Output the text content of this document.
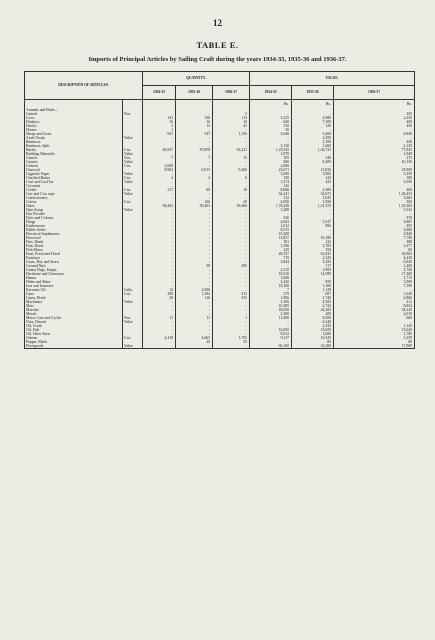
12
TABLE E.
Imports of Principal Articles by Sailing Craft during the years 1934-35, 1935-36 and 1936-37.
DESCRIPTION OF ARTICLES.		QUANTITY.			VALUE.		
		1934-35	1935-36	1936-37	1934-35	1935-36	1936-37
					Rs.	Rs.	Rs.
Animals and Birds—							
Camels	Nos.	..	..	5	..	..	250
Cows		133	156	113	3,325	4,980	2,450
Donkeys		16	16	16	640	7,100	400
Hawks		3	12	45	150	120	450
Horses		1	..	..	50	..	..
Sheep and Goats		941	547	1,156	5,646	3,269	6,936
Arab Cloaks	Value	..	..	..	..	2,050	..
Bamboos		..	..	..	..	2,100	250
Bamboos, Split		..	..	..	3,138	1,660	2,129
Barley	Cwt.	82,937	87,858	63,321	1,23,945	1,36,735	77,835
Building Materials	Value	..	..	..	1,878	..	1,949
Camels	Nos.	7	7	15	105	140	275
Carpets	Value	..	..	..	600	8,200	10,130
Cement	Cwt.	2,008	..	..	2,006	..	..
Charcoal		8,904	6,915	9,460	23,671	13,830	18,909
Cigarette Paper	Value	..	..	..	3,000	3,900	5,250
Clarified Butter	Cwt.	4	4	6	150	144	180
Coal and Coal Tar	Value	..	..	..	1,274	250	5,030
Coconuts		..	..	..	145	..	..
Coffee	Cwt.	217	60	10	8,666	2,300	400
Coir and Coir rope	Value	..	..	..	54,231	33,675	1,29,433
Confectionery		..	..	..	132	1,045	3,065
Cotton	Cwt.	..	126	20	4,050	1,950	300
Dates		96,302	90,463	59,466	1,76,436	1,31,370	1,18,304
Date Syrup	Value	..	..	..	3,288	..	5,532
Dye Powder		..	..	..	..	..	..
Dyes and Colours		..	..	..	540	..	370
Drugs		..	..	..	4,603	5,547	3,865
Earthenware		..	..	..	1,012	906	455
Edible Seeds		..	..	..	8,915	..	3,680
Electrical Implements		..	..	..	10,200	..	2,840
Firewood		..	..	..	13,827	10,180	7,790
Fins, Shark		..	..	..	181	122	380
Fish, Dried		..	..	..	1,506	2,709	3,477
Fish Maws		..	..	..	225	358	60
Fruit, Fresh and Dried		..	..	..	49,337	61,635	36,902
Furniture		..	..	..	715	2,325	4,430
Grass, Hay and Straw		..	..	..	3,844	3,295	6,820
Ground Nuts		..	38	280	..	117	1,400
Gunny Bags, Empty		..	..	..	2,310	3,900	3,740
Hardware and Glassware		..	..	..	19,610	14,089	17,400
Henna		..	..	..	1,606	..	1,715
Hides and Skins		..	..	..	2,420	950	3,900
Iron and Ironware		..	..	..	10,168	1,168	7,190
Kerosine Oil	Galls.	12	2,000	..	7	1,128	..
Lime	Cwt.	296	1,294	315	375	697	1,020
Linen, Dried		28	116	335	1,806	1,740	6,866
Machinery	Value	..	..	..	3,100	4,500	212
Mats		..	..	..	10,285	2,744	8,854
Matches		..	..	..	26,650	24,200	34,220
Metals		..	..	..	2,300	200	2,010
Motor Cars and Cycles	Nos.	11	11	1	11,000	8,500	600
Nuts, Dessert	Value	..	..	..	..	6,340	..
Oil, Crude		..	..	..	..	2,250	1,145
Oil, Fish		..	..	..	16,850	13,650	15,640
Oil, Other Sorts		..	..	..	9,812	1,690	1,780
Onions	Cwt.	4,418	4,663	1,705	9,117	16,345	5,259
Pepper, Black		..	20	35	..	60	88
Piecegoods	Value	..	..	..	60,100	32,300	17,900
